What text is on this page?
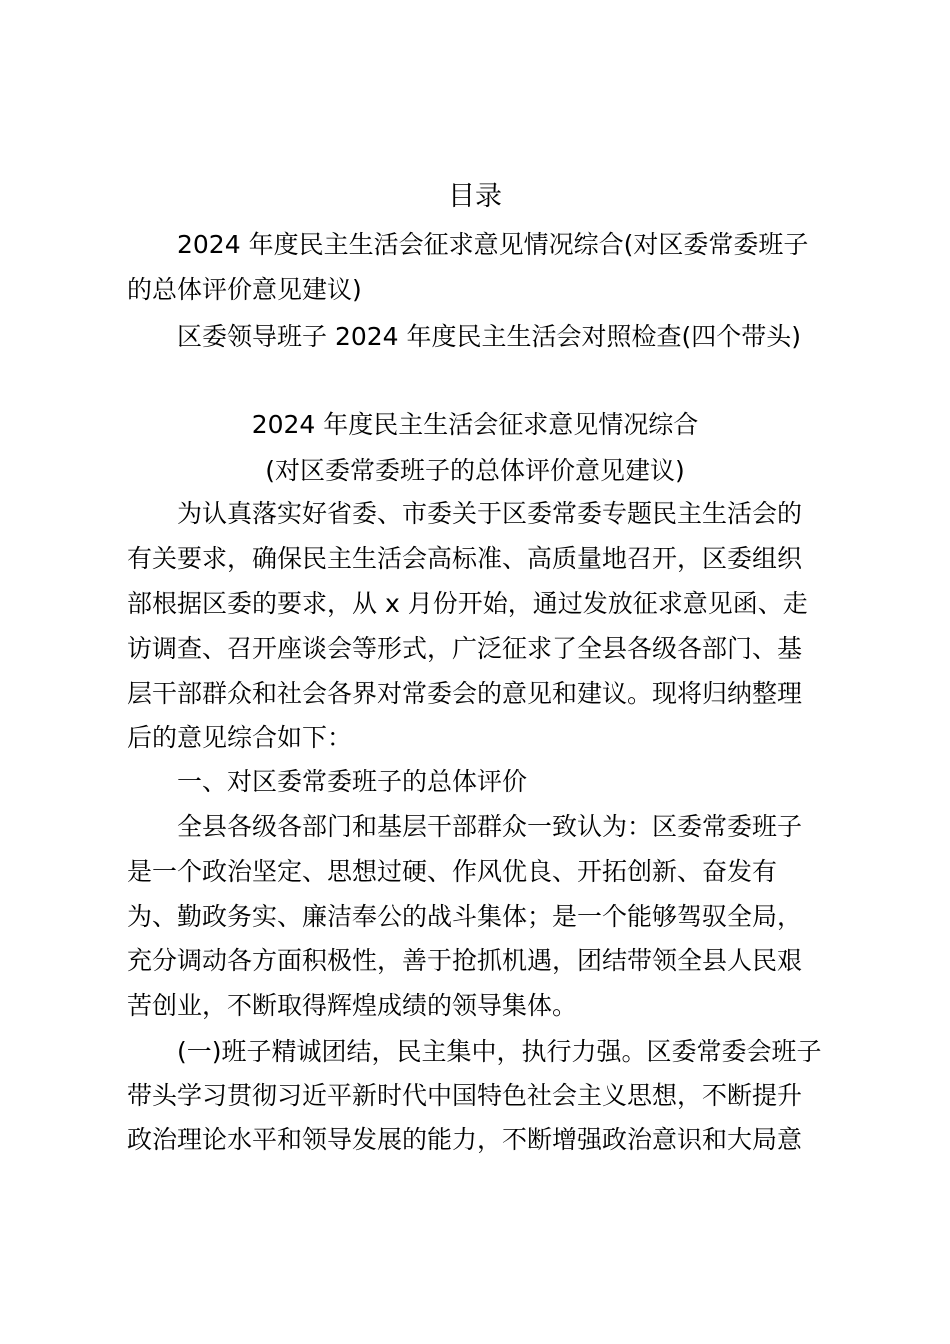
目录
2024 年度民主生活会征求意见情况综合(对区委常委班子
的总体评价意见建议)
区委领导班子 2024 年度民主生活会对照检查(四个带头)
2024 年度民主生活会征求意见情况综合
(对区委常委班子的总体评价意见建议)
为认真落实好省委、市委关于区委常委专题民主生活会的
有关要求，确保民主生活会高标准、高质量地召开，区委组织
部根据区委的要求，从 x 月份开始，通过发放征求意见函、走
访调查、召开座谈会等形式，广泛征求了全县各级各部门、基
层干部群众和社会各界对常委会的意见和建议。现将归纳整理
后的意见综合如下：
一、对区委常委班子的总体评价
全县各级各部门和基层干部群众一致认为：区委常委班子
是一个政治坚定、思想过硬、作风优良、开拓创新、奋发有
为、勤政务实、廉洁奉公的战斗集体；是一个能够驾驭全局，
充分调动各方面积极性，善于抢抓机遇，团结带领全县人民艰
苦创业，不断取得辉煌成绩的领导集体。
(一)班子精诚团结，民主集中，执行力强。区委常委会班子
带头学习贯彻习近平新时代中国特色社会主义思想，不断提升
政治理论水平和领导发展的能力，不断增强政治意识和大局意
